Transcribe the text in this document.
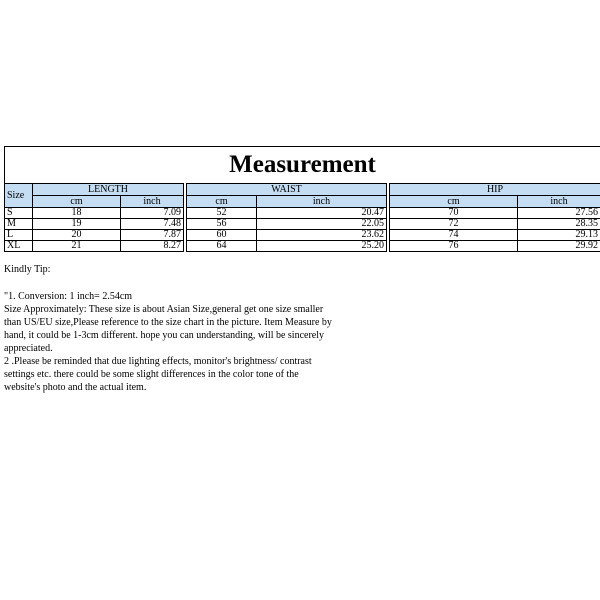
Measurement
Size	LENGTH			WAIST			HIP	
	cm	inch		cm	inch		cm	inch
S	18	7.09		52	20.47		70	27.56
M	19	7.48		56	22.05		72	28.35
L	20	7.87		60	23.62		74	29.13
XL	21	8.27		64	25.20		76	29.92
Kindly Tip:

"1. Conversion: 1 inch= 2.54cm

Size Approximately: These size is about Asian Size,general get one size smaller

than US/EU size,Please reference to the size chart in the picture. Item Measure by

hand, it could be 1-3cm different. hope you can understanding, will be sincerely

appreciated.

2 .Please be reminded that due lighting effects, monitor's brightness/ contrast

settings etc. there could be some slight differences in the color tone of the

website's photo and the actual item.
